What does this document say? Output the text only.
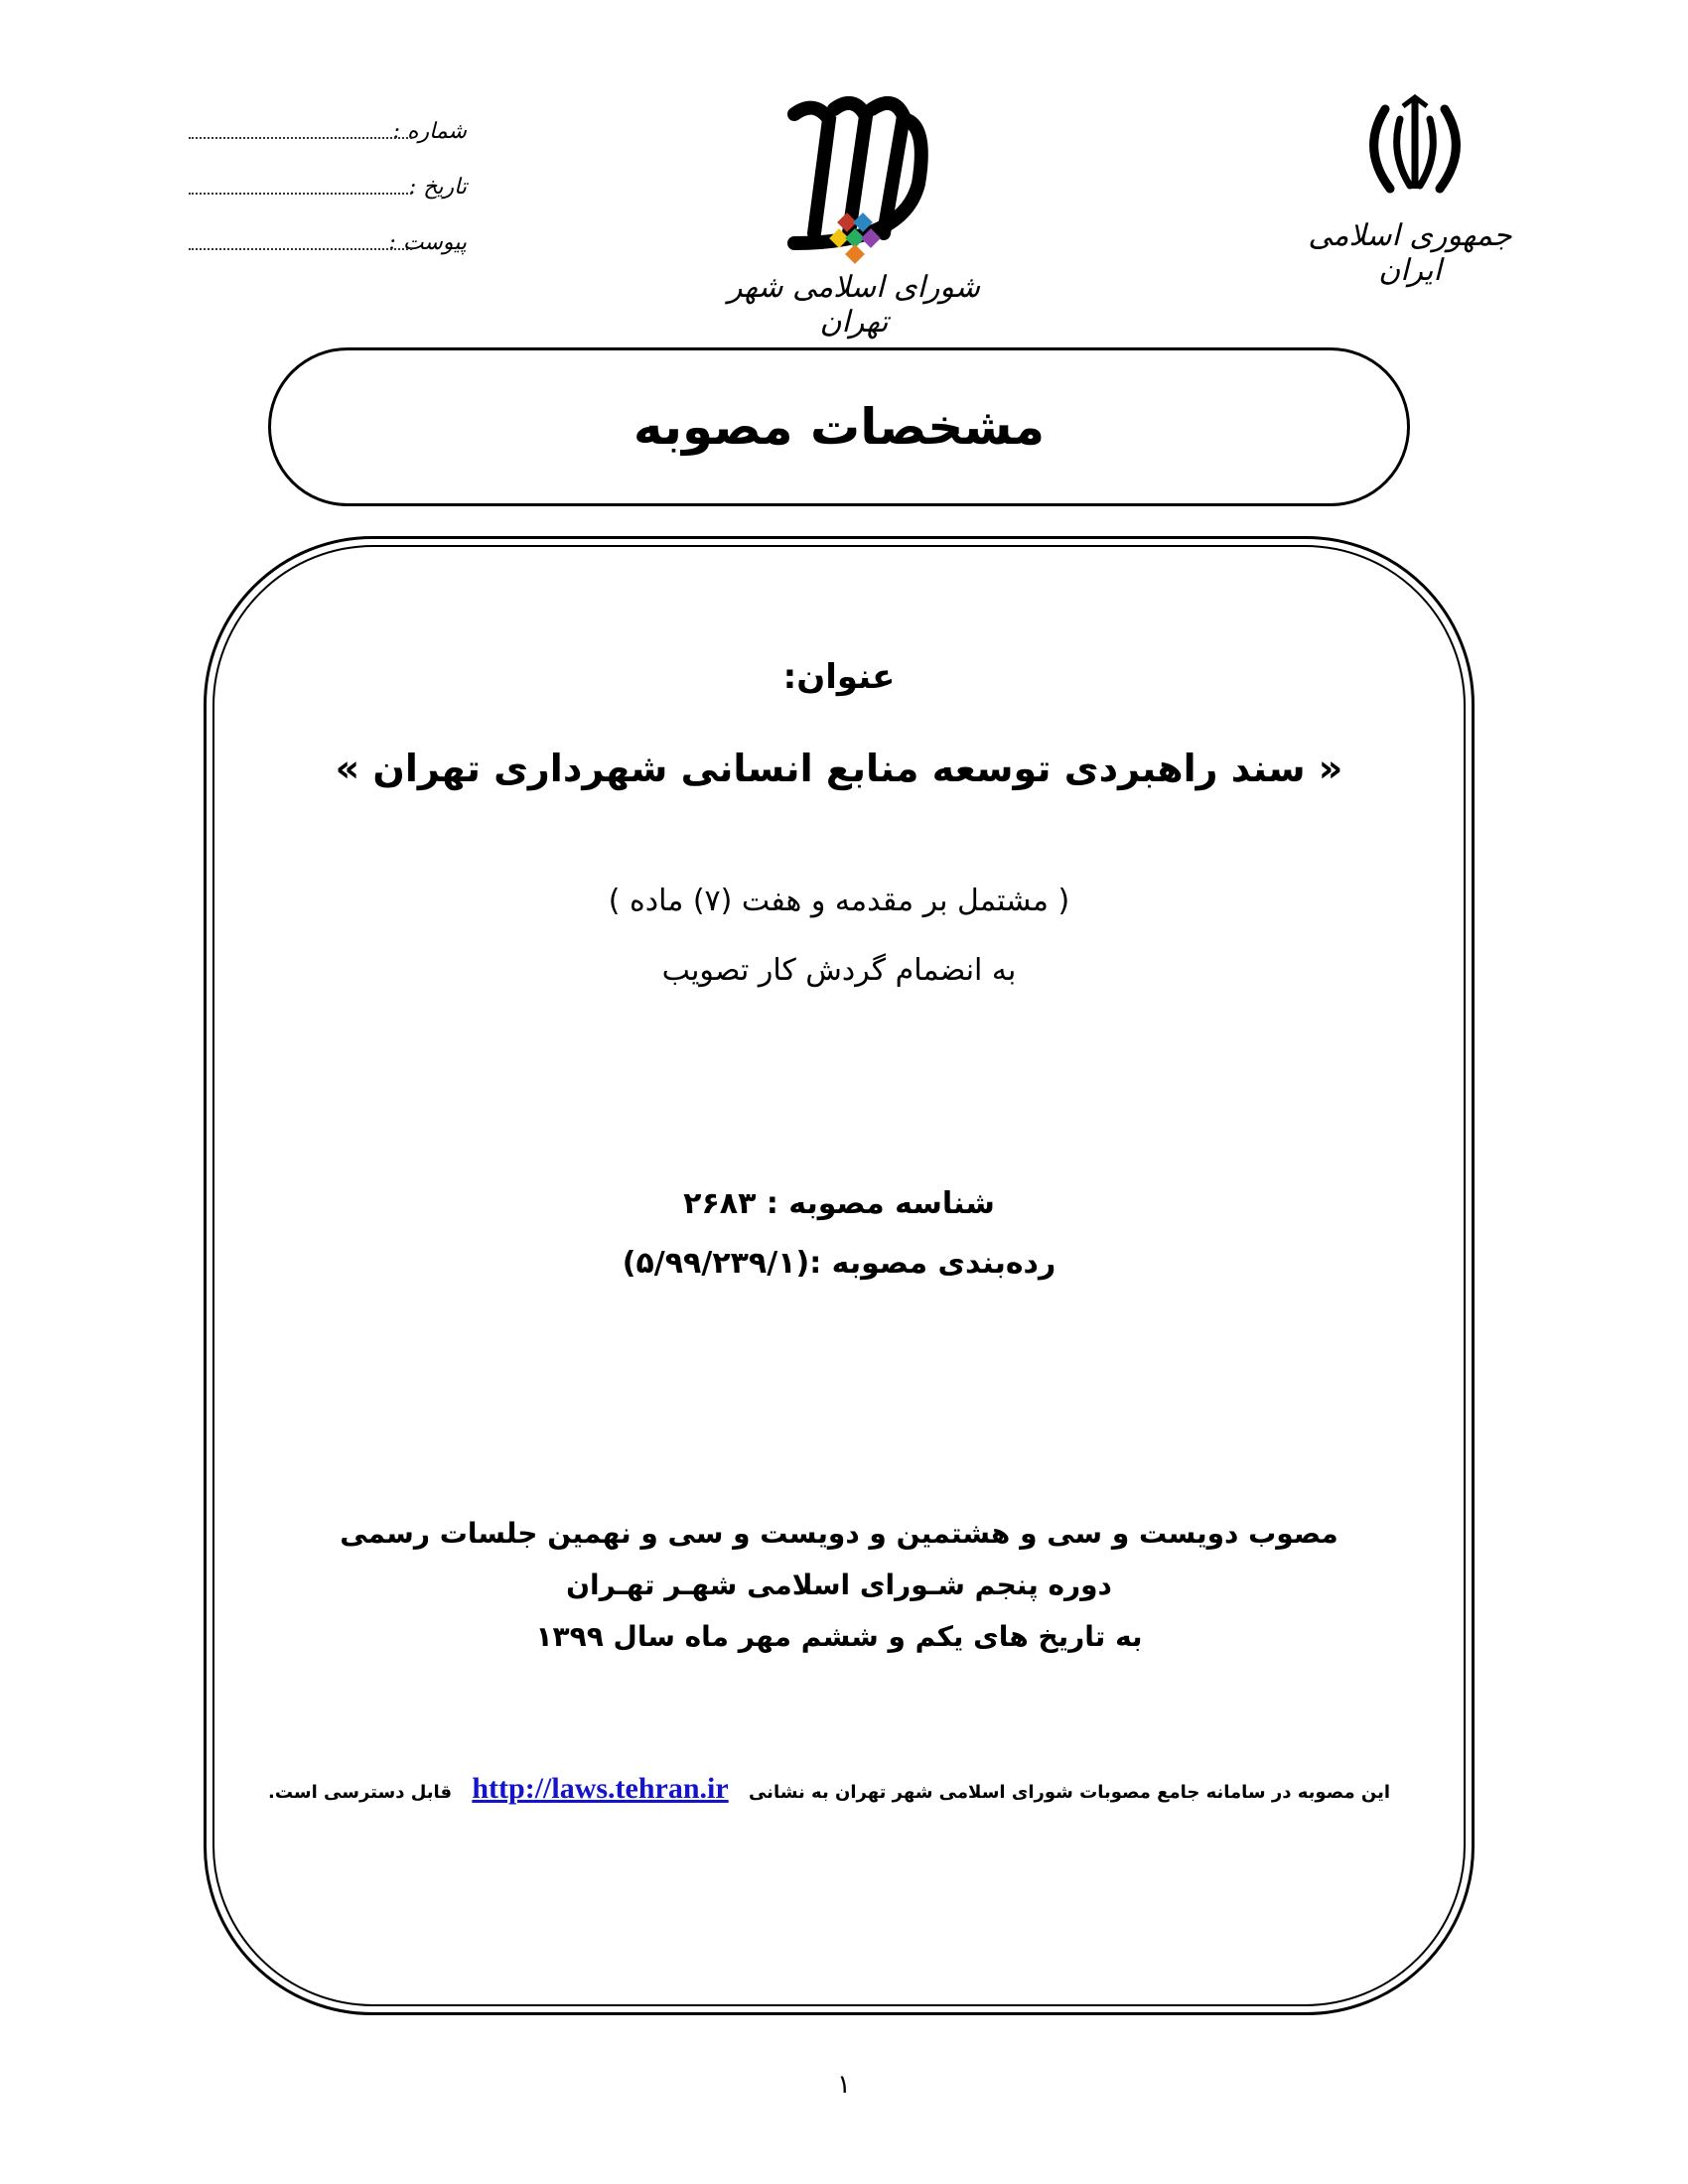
شماره :
تاریخ :
پیوست :
شورای اسلامی شهر تهران
جمهوری اسلامی ایران
مشخصات مصوبه
عنوان:
« سند راهبردی توسعه منابع انسانی شهرداری تهران »
( مشتمل بر مقدمه و هفت (۷) ماده )
به انضمام گردش کار تصویب
شناسه مصوبه : ۲۶۸۳
رده‌بندی مصوبه :(۵/۹۹/۲۳۹/۱)
مصوب دویست و سی و هشتمین و دویست و سی و نهمین جلسات رسمی
دوره پنجم شـورای اسلامی شهـر تهـران
به تاریخ های یکم و ششم مهر ماه سال ۱۳۹۹
این مصوبه در سامانه جامع مصوبات شورای اسلامی شهر تهران به نشانی http://laws.tehran.ir قابل دسترسی است.
۱
